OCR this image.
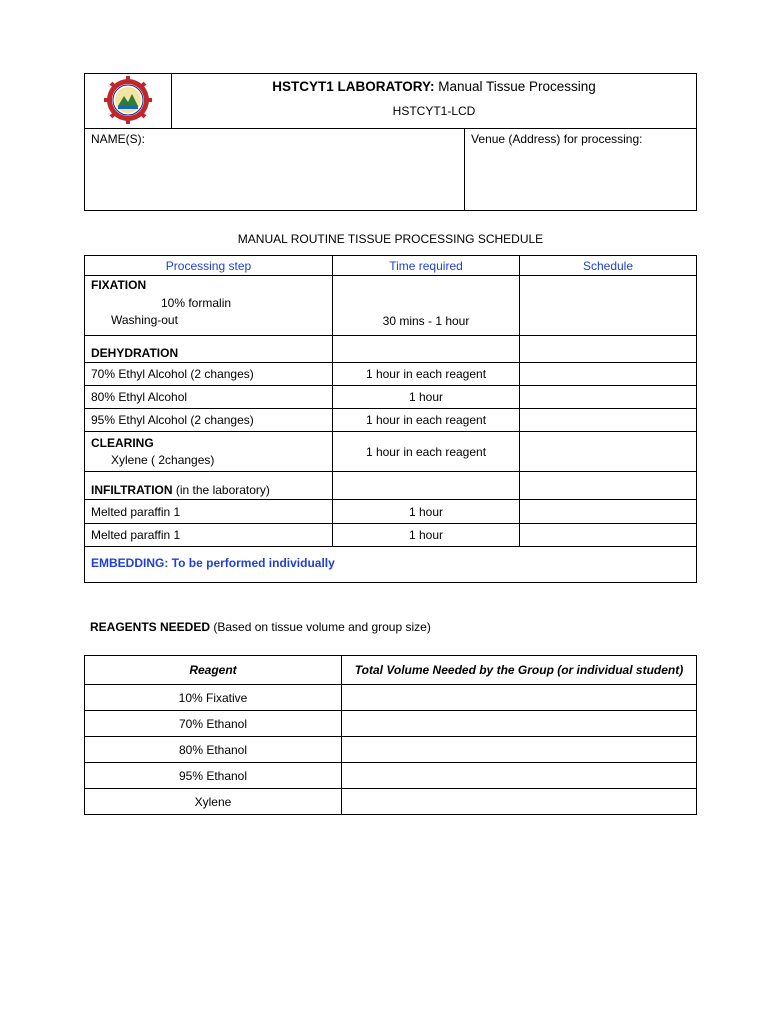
HSTCYT1 LABORATORY: Manual Tissue Processing
HSTCYT1-LCD	

NAME(S):		Venue (Address) for processing:
MANUAL ROUTINE TISSUE PROCESSING SCHEDULE
Processing step	Time required	Schedule

FIXATION
10% formalin
Washing-out	30 mins - 1 hour	
DEHYDRATION		
70% Ethyl Alcohol (2 changes)	1 hour in each reagent	
80% Ethyl Alcohol	1 hour	
95% Ethyl Alcohol (2 changes)	1 hour in each reagent	

CLEARING
Xylene ( 2changes)	1 hour in each reagent	
INFILTRATION (in the laboratory)		
Melted paraffin 1	1 hour	
Melted paraffin 1	1 hour	
EMBEDDING: To be performed individually		
REAGENTS NEEDED (Based on tissue volume and group size)
Reagent	Total Volume Needed by the Group (or individual student)
10% Fixative	
70% Ethanol	
80% Ethanol	
95% Ethanol	
Xylene	
